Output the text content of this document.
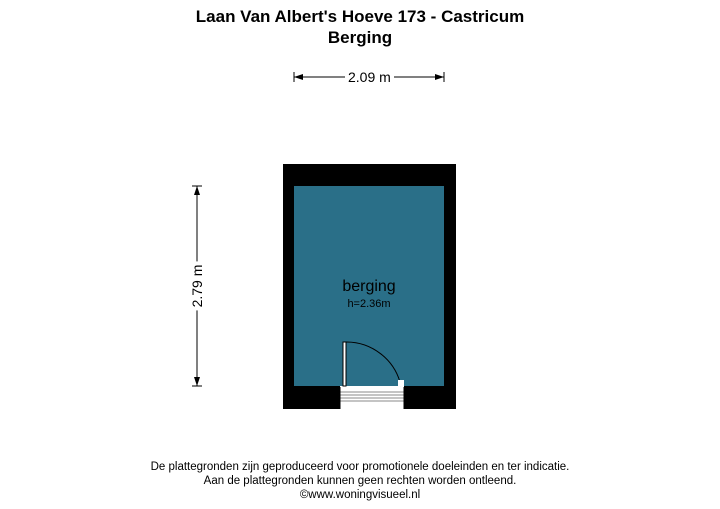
Laan Van Albert's Hoeve 173 - Castricum
Berging
2.09 m
2.79 m	berging
h=2.36m
De plattegronden zijn geproduceerd voor promotionele doeleinden en ter indicatie.
Aan de plattegronden kunnen geen rechten worden ontleend.
©www.woningvisueel.nl
